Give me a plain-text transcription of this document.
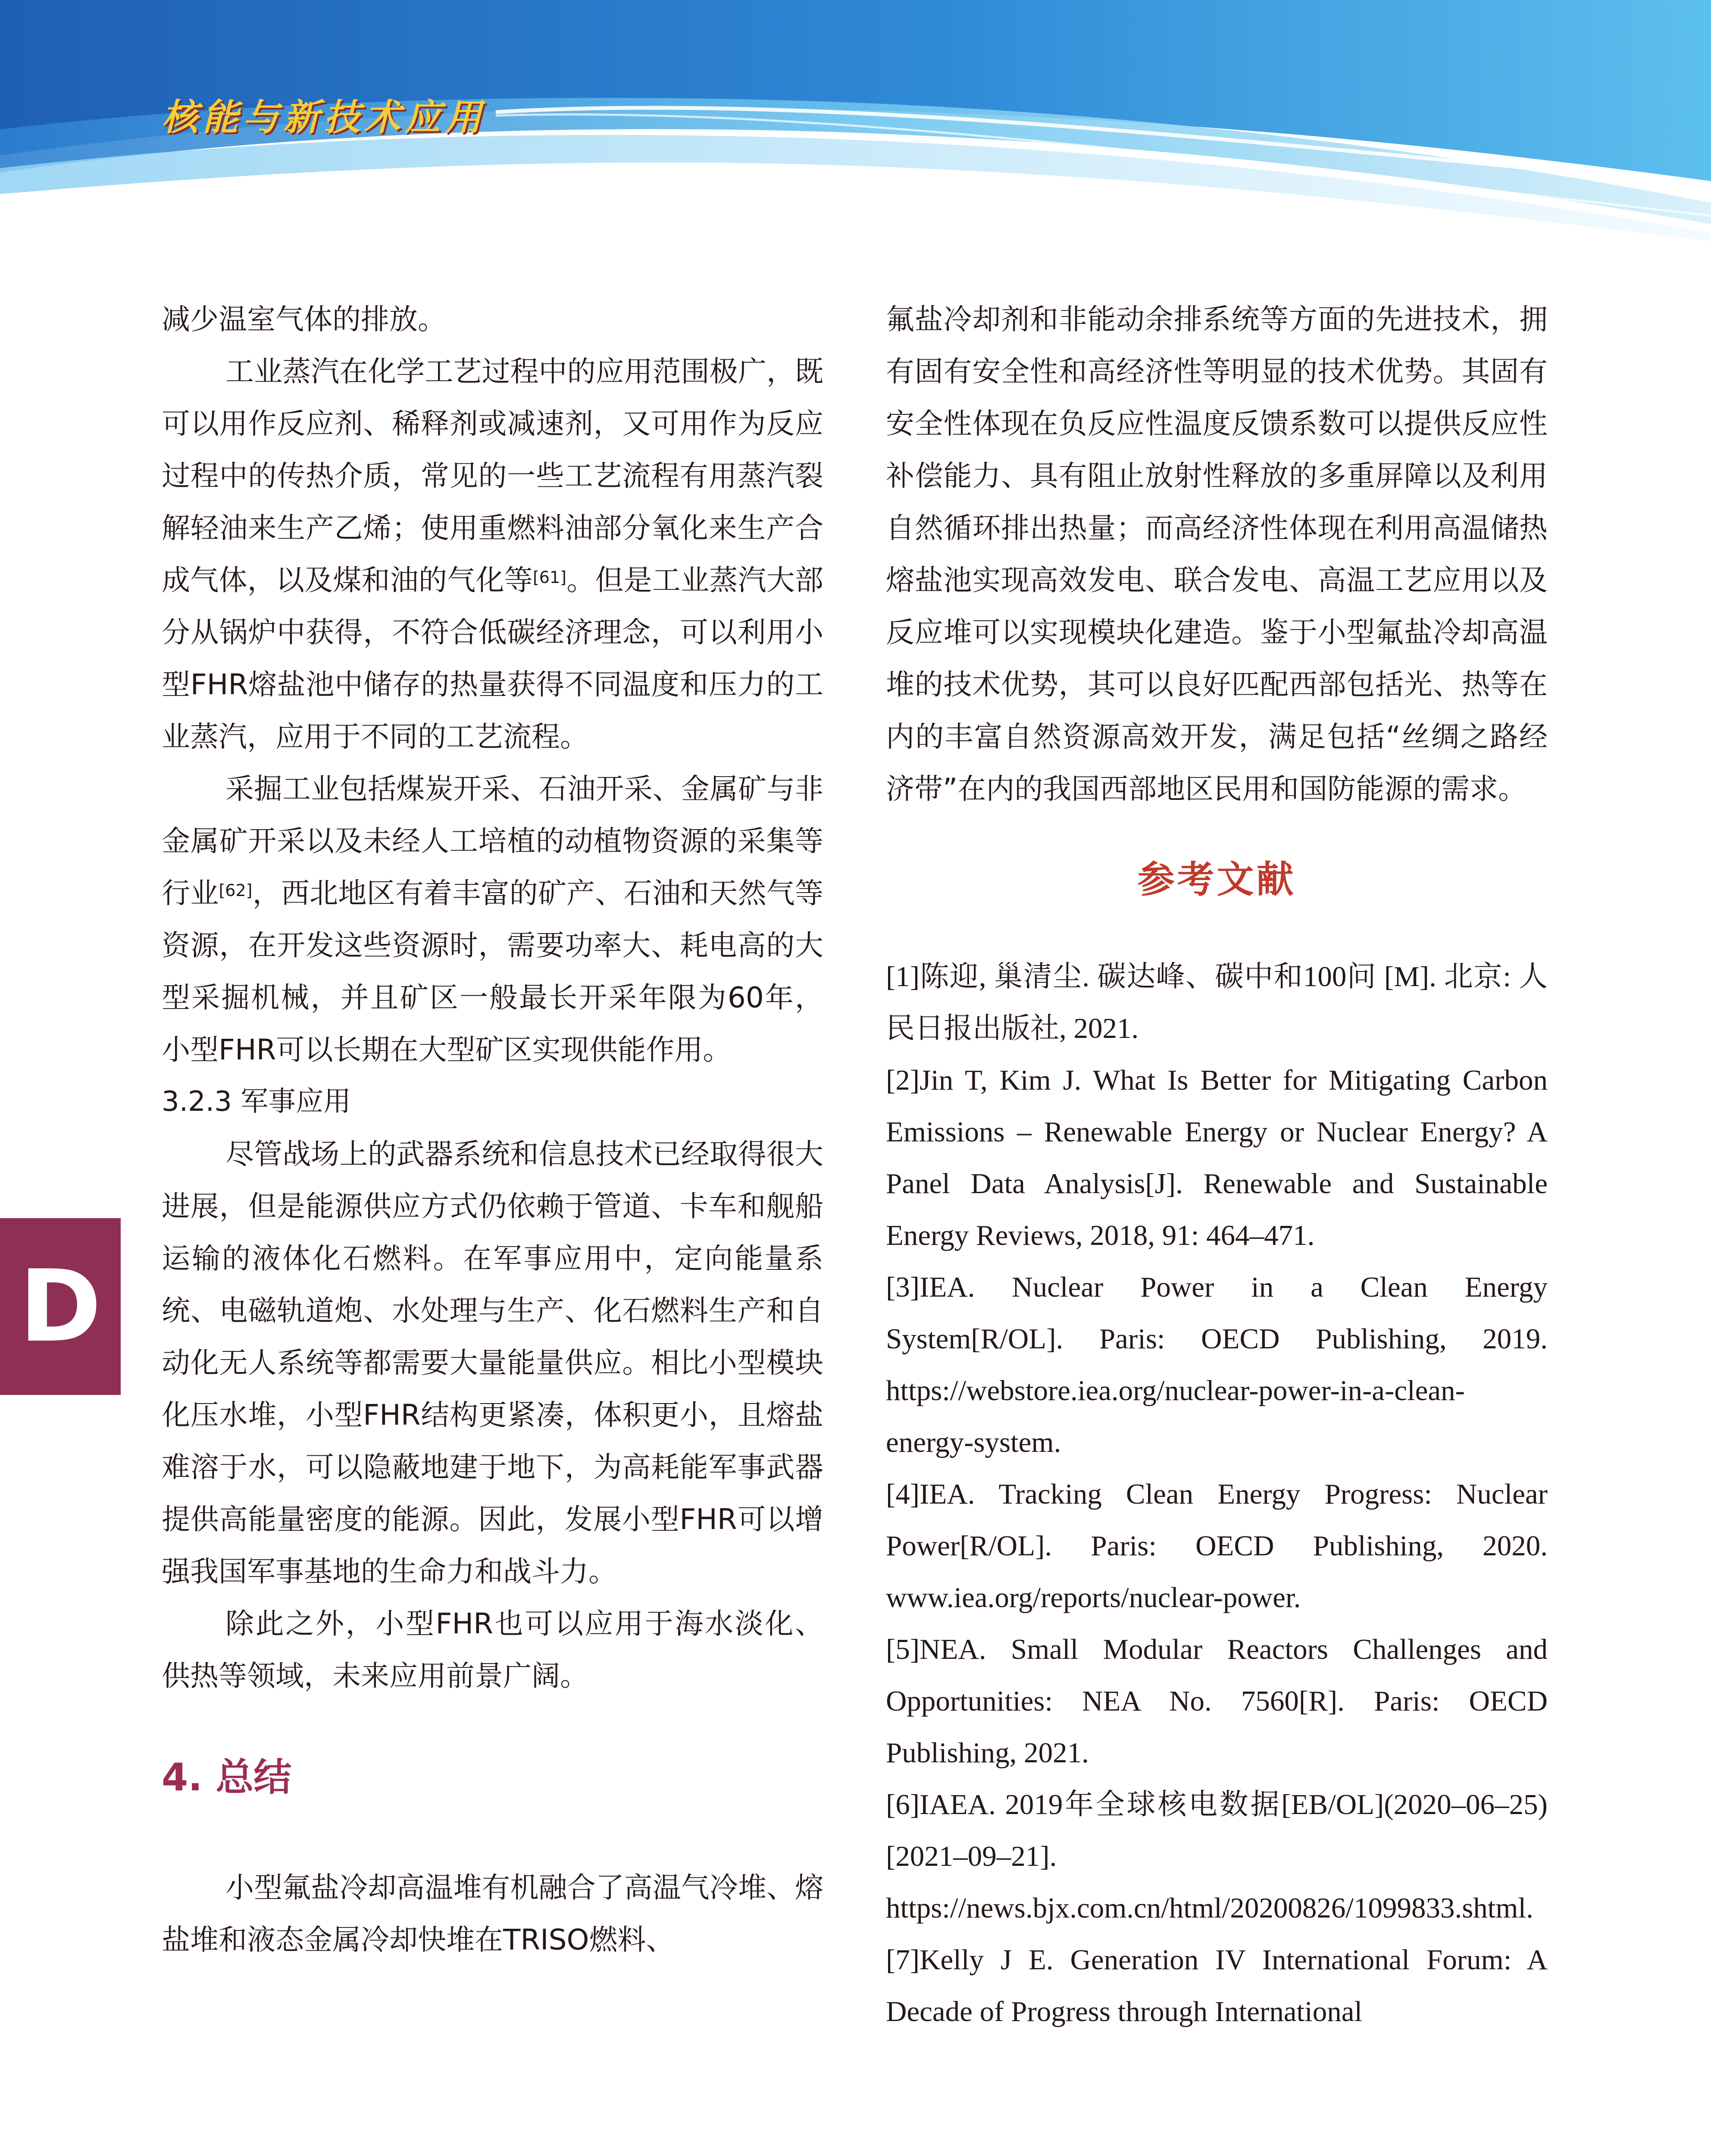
核能与新技术应用
D

减少温室气体的排放。

工业蒸汽在化学工艺过程中的应用范围极广，既可以用作反应剂、稀释剂或减速剂，又可用作为反应过程中的传热介质，常见的一些工艺流程有用蒸汽裂解轻油来生产乙烯；使用重燃料油部分氧化来生产合成气体，以及煤和油的气化等[61]。但是工业蒸汽大部分从锅炉中获得，不符合低碳经济理念，可以利用小型FHR熔盐池中储存的热量获得不同温度和压力的工业蒸汽，应用于不同的工艺流程。

采掘工业包括煤炭开采、石油开采、金属矿与非金属矿开采以及未经人工培植的动植物资源的采集等行业[62]，西北地区有着丰富的矿产、石油和天然气等资源，在开发这些资源时，需要功率大、耗电高的大型采掘机械，并且矿区一般最长开采年限为60年，小型FHR可以长期在大型矿区实现供能作用。

3.2.3 军事应用

尽管战场上的武器系统和信息技术已经取得很大进展，但是能源供应方式仍依赖于管道、卡车和舰船运输的液体化石燃料。在军事应用中，定向能量系统、电磁轨道炮、水处理与生产、化石燃料生产和自动化无人系统等都需要大量能量供应。相比小型模块化压水堆，小型FHR结构更紧凑，体积更小，且熔盐难溶于水，可以隐蔽地建于地下，为高耗能军事武器提供高能量密度的能源。因此，发展小型FHR可以增强我国军事基地的生命力和战斗力。

除此之外，小型FHR也可以应用于海水淡化、供热等领域，未来应用前景广阔。

4. 总结

小型氟盐冷却高温堆有机融合了高温气冷堆、熔盐堆和液态金属冷却快堆在TRISO燃料、

氟盐冷却剂和非能动余排系统等方面的先进技术，拥有固有安全性和高经济性等明显的技术优势。其固有安全性体现在负反应性温度反馈系数可以提供反应性补偿能力、具有阻止放射性释放的多重屏障以及利用自然循环排出热量；而高经济性体现在利用高温储热熔盐池实现高效发电、联合发电、高温工艺应用以及反应堆可以实现模块化建造。鉴于小型氟盐冷却高温堆的技术优势，其可以良好匹配西部包括光、热等在内的丰富自然资源高效开发，满足包括“丝绸之路经济带”在内的我国西部地区民用和国防能源的需求。

参考文献

[1]陈迎, 巢清尘. 碳达峰、碳中和100问 [M]. 北京: 人民日报出版社, 2021.

[2]Jin T, Kim J. What Is Better for Mitigating Carbon Emissions – Renewable Energy or Nuclear Energy? A Panel Data Analysis[J]. Renewable and Sustainable Energy Reviews, 2018, 91: 464–471.

[3]IEA. Nuclear Power in a Clean Energy System[R/OL]. Paris: OECD Publishing, 2019. https://webstore.iea.org/nuclear-power-in-a-clean-energy-system.

[4]IEA. Tracking Clean Energy Progress: Nuclear Power[R/OL]. Paris: OECD Publishing, 2020. www.iea.org/reports/nuclear-power.

[5]NEA. Small Modular Reactors Challenges and Opportunities: NEA No. 7560[R]. Paris: OECD Publishing, 2021.

[6]IAEA. 2019年全球核电数据[EB/OL](2020–06–25)[2021–09–21]. https://news.bjx.com.cn/html/20200826/1099833.shtml.

[7]Kelly J E. Generation IV International Forum: A Decade of Progress through International
